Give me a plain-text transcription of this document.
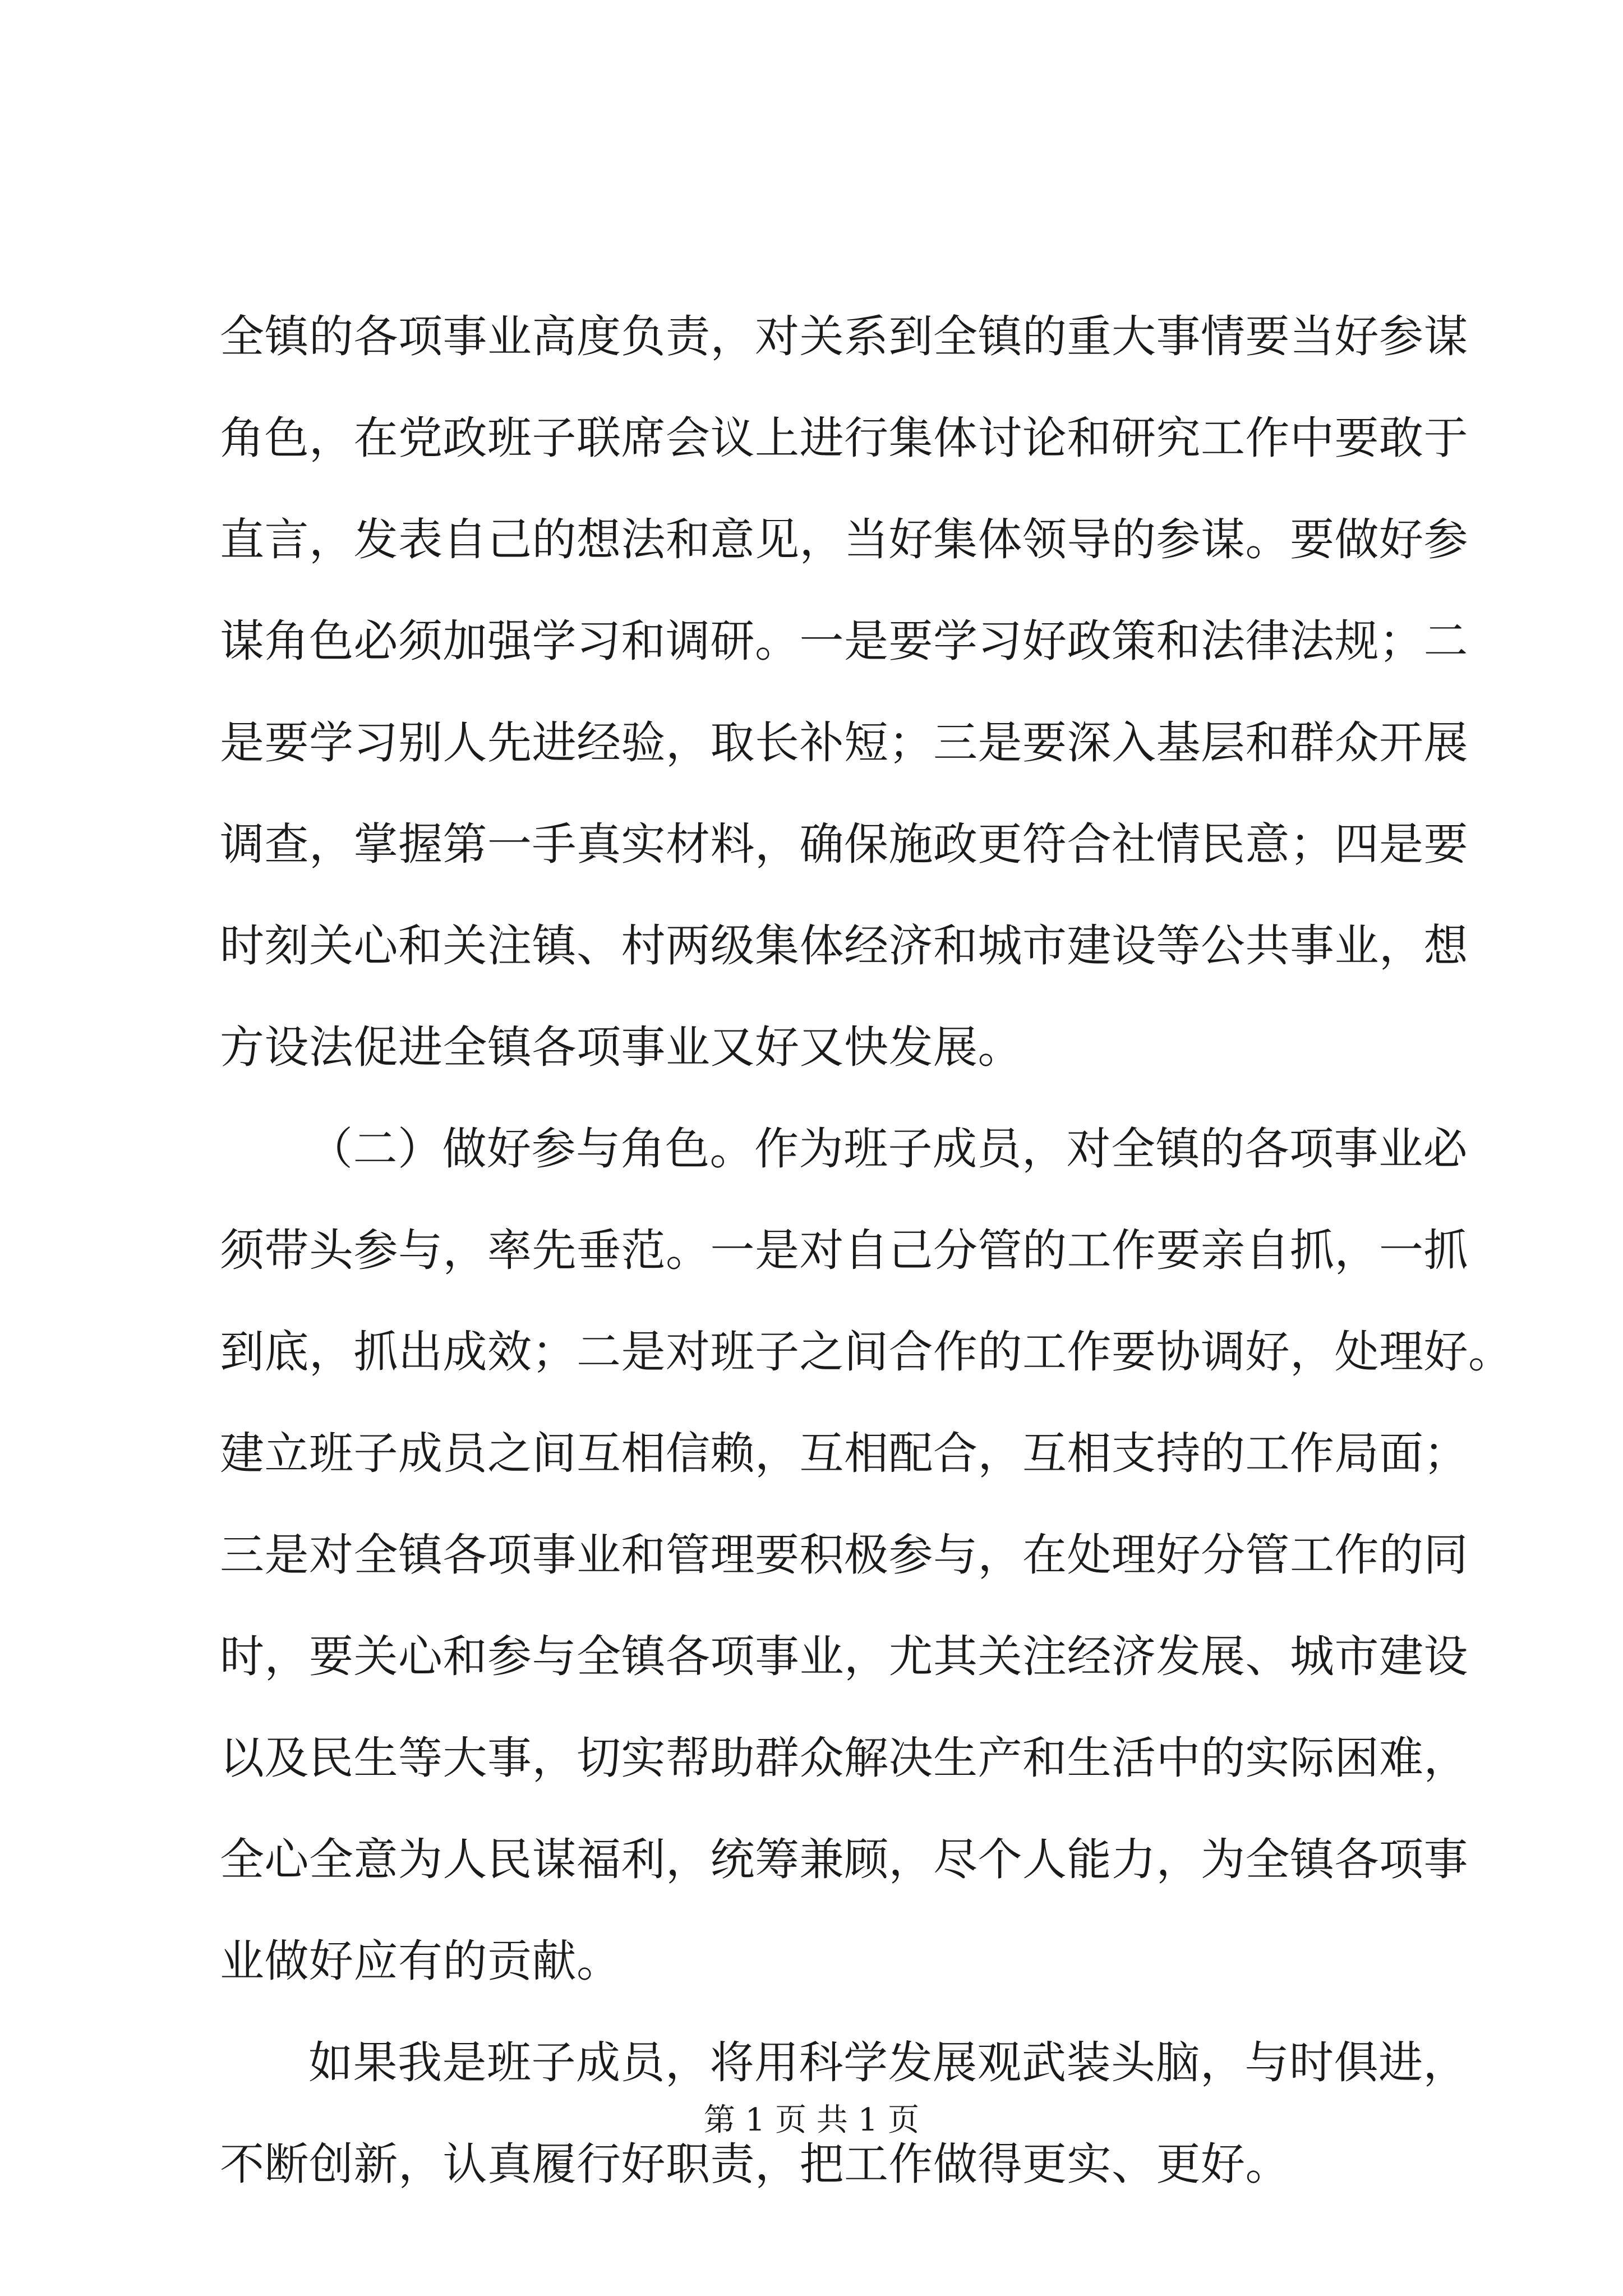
全镇的各项事业高度负责，对关系到全镇的重大事情要当好参谋
角色，在党政班子联席会议上进行集体讨论和研究工作中要敢于
直言，发表自己的想法和意见，当好集体领导的参谋。要做好参
谋角色必须加强学习和调研。一是要学习好政策和法律法规；二
是要学习别人先进经验，取长补短；三是要深入基层和群众开展
调查，掌握第一手真实材料，确保施政更符合社情民意；四是要
时刻关心和关注镇、村两级集体经济和城市建设等公共事业，想
方设法促进全镇各项事业又好又快发展。
（二）做好参与角色。作为班子成员，对全镇的各项事业必
须带头参与，率先垂范。一是对自己分管的工作要亲自抓，一抓
到底，抓出成效；二是对班子之间合作的工作要协调好，处理好。
建立班子成员之间互相信赖，互相配合，互相支持的工作局面；
三是对全镇各项事业和管理要积极参与，在处理好分管工作的同
时，要关心和参与全镇各项事业，尤其关注经济发展、城市建设
以及民生等大事，切实帮助群众解决生产和生活中的实际困难，
全心全意为人民谋福利，统筹兼顾，尽个人能力，为全镇各项事
业做好应有的贡献。
如果我是班子成员，将用科学发展观武装头脑，与时俱进，
不断创新，认真履行好职责，把工作做得更实、更好。
第 1 页 共 1 页
